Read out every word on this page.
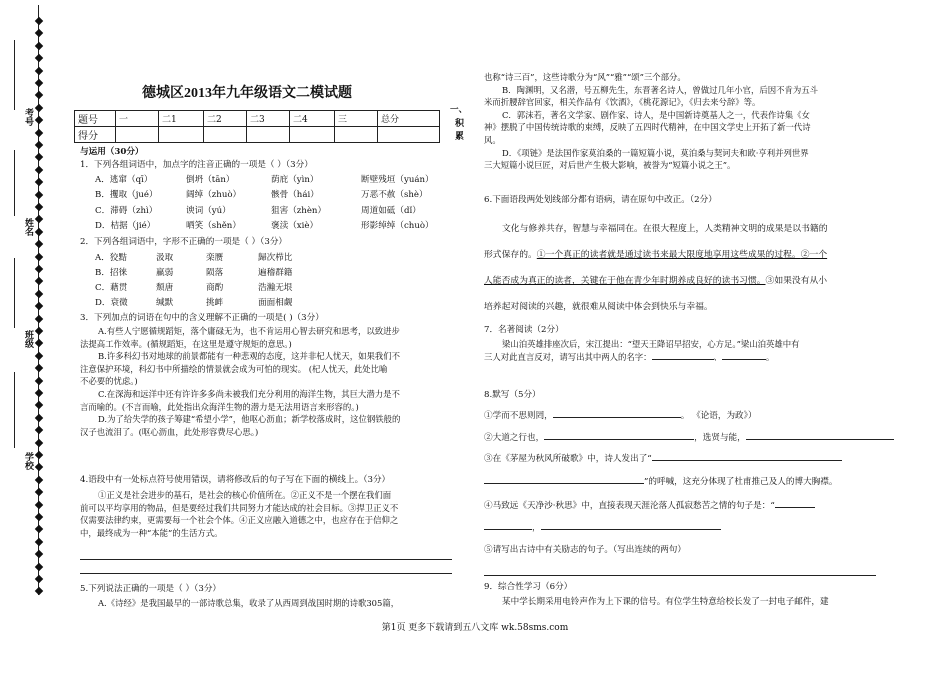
考号
姓名
班级
学校
德城区2013年九年级语文二模试题
题号	一	二1	二2	二3	二4	三	总分
得分							
一、
积累
与运用（30分）
1．下列各组词语中，加点字的注音正确的一项是（ ）（3分）
A．逃窜（qī）	倒坍（tān）	荫庇（yìn）	断壁残垣（yuán）
B．攫取（jué）	阔绰（zhuò）	骸骨（hái）	万恶不赦（shè）
C．滞碍（zhì）	谀词（yú）	狙害（zhèn）	周道如砥（dǐ）
D．桔据（jié）	哂笑（shěn）	褒渎（xiè）	形影绰绰（chuò）
2．下列各组词语中，字形不正确的一项是（ ）（3分）
A．狡黠	汲取	栾赝	歸次栉比
B．招徕	羸弱	陨落	遍稽群籍
C．藉贯	颓唐	商酌	浩瀚无垠
D．衰微	缄默	挑衅	面面相觑
3．下列加点的词语在句中的含义理解不正确的一项是( )（3分）
A.有些人宁愿循规蹈矩，落个庸碌无为，也不肯运用心智去研究和思考，以致进步
法提高工作效率。(循规蹈矩，在这里是遵守规矩的意思。)
B.许多科幻书对地球的前景都能有一种悲观的态度，这并非杞人忧天，如果我们不
注意保护环境，科幻书中所描绘的情景就会成为可怕的现实。 (杞人忧天，此处比喻
不必要的忧虑。)
C.在深海和远洋中还有许许多多尚未被我们充分利用的海洋生物，其巨大潜力是不
言而喻的。(不言而喻，此处指出众海洋生物的潜力是无法用语言来形容的。)
D.为了给失学的孩子筹建“希望小学”，他呕心沥血；新学校落成时，这位钢铁般的
汉子也流泪了。(呕心沥血，此处形容费尽心思。)
4.语段中有一处标点符号使用错误，请将修改后的句子写在下面的横线上。（3分）
①正义是社会进步的基石，是社会的核心价值所在。②正义不是一个摆在我们面
前可以平均享用的物品，但是要经过我们共同努力才能达成的社会目标。③捍卫正义不
仅需要法律约束，更需要每一个社会个体。④正义应融入道德之中，也应存在于信仰之
中，最终成为一种“本能”的生活方式。
5.下列说法正确的一项是（ ）（3分）
A.《诗经》是我国最早的一部诗歌总集，收录了从西周到战国时期的诗歌305篇，
也称“诗三百”，这些诗歌分为“风”“雅”“颂”三个部分。
B．陶渊明，又名潜，号五柳先生，东晋著名诗人，曾做过几年小官，后因不肯为五斗
米而折腰辞官回家，相关作品有《饮酒》，《桃花源记》，《归去来兮辞》等。
C．郭沫若，著名文学家、剧作家、诗人，是中国新诗奠基人之一，代表作诗集《女
神》摆脱了中国传统诗歌的束缚，反映了五四时代精神，在中国文学史上开拓了新一代诗
风。
D．《项链》是法国作家莫泊桑的一篇短篇小说，莫泊桑与契诃夫和欧·亨利并列世界
三大短篇小说巨匠，对后世产生极大影响，被誉为“短篇小说之王”。
6.下面语段两处划线部分都有语病，请在原句中改正。（2分）
文化与修养共存，智慧与幸福同在。在很大程度上，人类精神文明的成果是以书籍的
形式保存的。①一个真正的读者就是通过读书来最大限度地享用这些成果的过程。②一个
人能否成为真正的读者，关键在于他在青少年时期养成良好的读书习惯。③如果没有从小
培养起对阅读的兴趣，就很难从阅读中体会到快乐与幸福。
7．名著阅读（2分）
梁山泊英雄排座次后，宋江提出：“望天王降诏早招安，心方足。”梁山泊英雄中有
三人对此直言反对，请写出其中两人的名字：	、	。
8.默写（5分）
①学而不思则罔，	。 《论语，为政》）
②大道之行也，	，选贤与能，
③在《茅屋为秋风所破歌》中，诗人发出了“
”的呼喊，这充分体现了杜甫推己及人的博大胸襟。
④马致远《天净沙·秋思》中，直接表现天涯沦落人孤寂愁苦之情的句子是：“
，
⑤请写出古诗中有关励志的句子。（写出连续的两句）
9．综合性学习（6分）
某中学长期采用电铃声作为上下课的信号。有位学生特意给校长发了一封电子邮件，建
第1页 更多下载请到五八文库 wk.58sms.com
